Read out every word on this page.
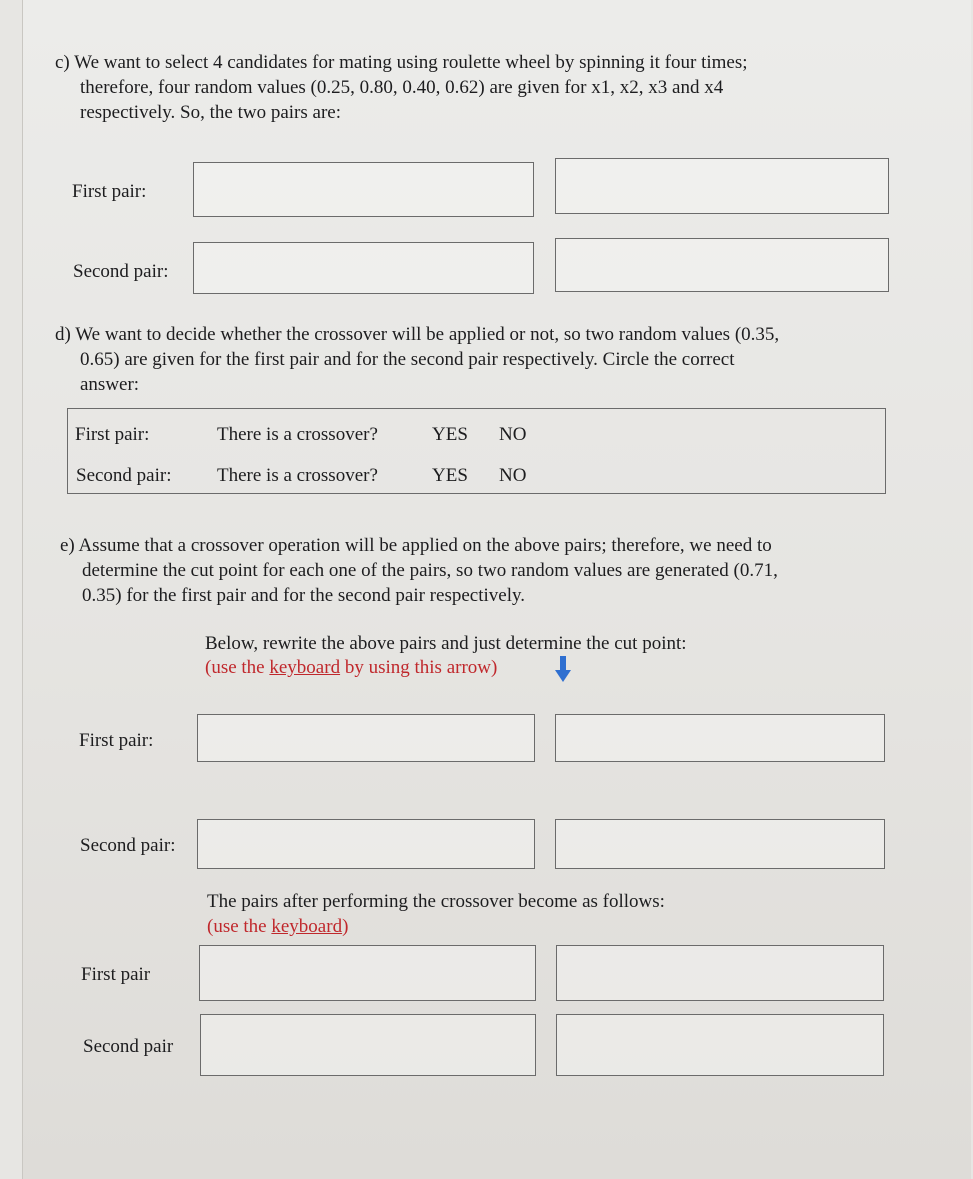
c) We want to select 4 candidates for mating using roulette wheel by spinning it four times;
therefore, four random values (0.25, 0.80, 0.40, 0.62) are given for x1, x2, x3 and x4
respectively. So, the two pairs are:
First pair:
Second pair:
d) We want to decide whether the crossover will be applied or not, so two random values (0.35,
0.65) are given for the first pair and for the second pair respectively. Circle the correct
answer:
First pair:	There is a crossover?	YES NO
Second pair: There is a crossover?	YES NO
e) Assume that a crossover operation will be applied on the above pairs; therefore, we need to
determine the cut point for each one of the pairs, so two random values are generated (0.71,
0.35) for the first pair and for the second pair respectively.
Below, rewrite the above pairs and just determine the cut point:
(use the keyboard by using this arrow)
First pair:
Second pair:
The pairs after performing the crossover become as follows:
(use the keyboard)
First pair
Second pair
